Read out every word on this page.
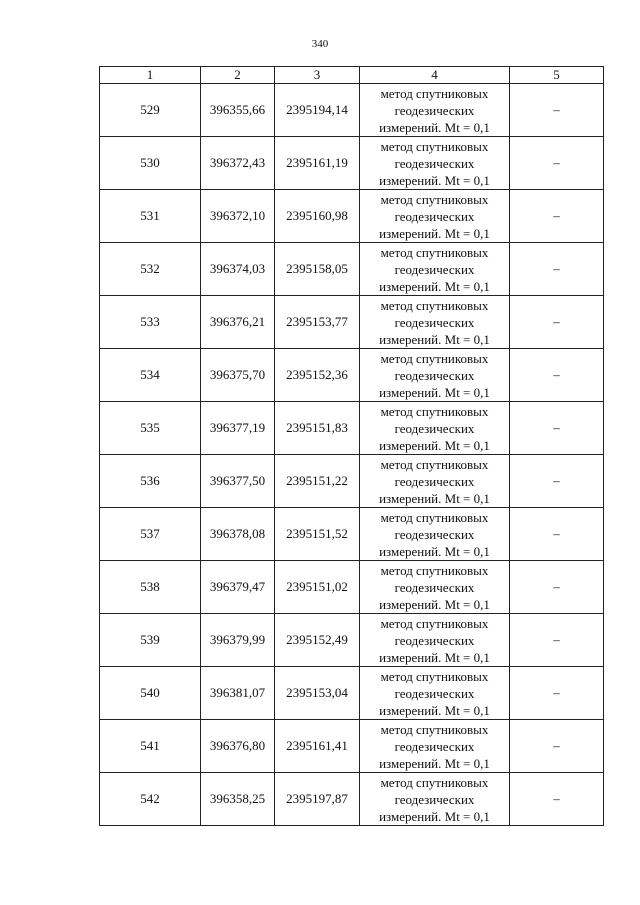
340
1	2	3	4	5
529	396355,66	2395194,14	метод спутниковых
геодезических
измерений. Mt = 0,1	–
530	396372,43	2395161,19	метод спутниковых
геодезических
измерений. Mt = 0,1	–
531	396372,10	2395160,98	метод спутниковых
геодезических
измерений. Mt = 0,1	–
532	396374,03	2395158,05	метод спутниковых
геодезических
измерений. Mt = 0,1	–
533	396376,21	2395153,77	метод спутниковых
геодезических
измерений. Mt = 0,1	–
534	396375,70	2395152,36	метод спутниковых
геодезических
измерений. Mt = 0,1	–
535	396377,19	2395151,83	метод спутниковых
геодезических
измерений. Mt = 0,1	–
536	396377,50	2395151,22	метод спутниковых
геодезических
измерений. Mt = 0,1	–
537	396378,08	2395151,52	метод спутниковых
геодезических
измерений. Mt = 0,1	–
538	396379,47	2395151,02	метод спутниковых
геодезических
измерений. Mt = 0,1	–
539	396379,99	2395152,49	метод спутниковых
геодезических
измерений. Mt = 0,1	–
540	396381,07	2395153,04	метод спутниковых
геодезических
измерений. Mt = 0,1	–
541	396376,80	2395161,41	метод спутниковых
геодезических
измерений. Mt = 0,1	–
542	396358,25	2395197,87	метод спутниковых
геодезических
измерений. Mt = 0,1	–
